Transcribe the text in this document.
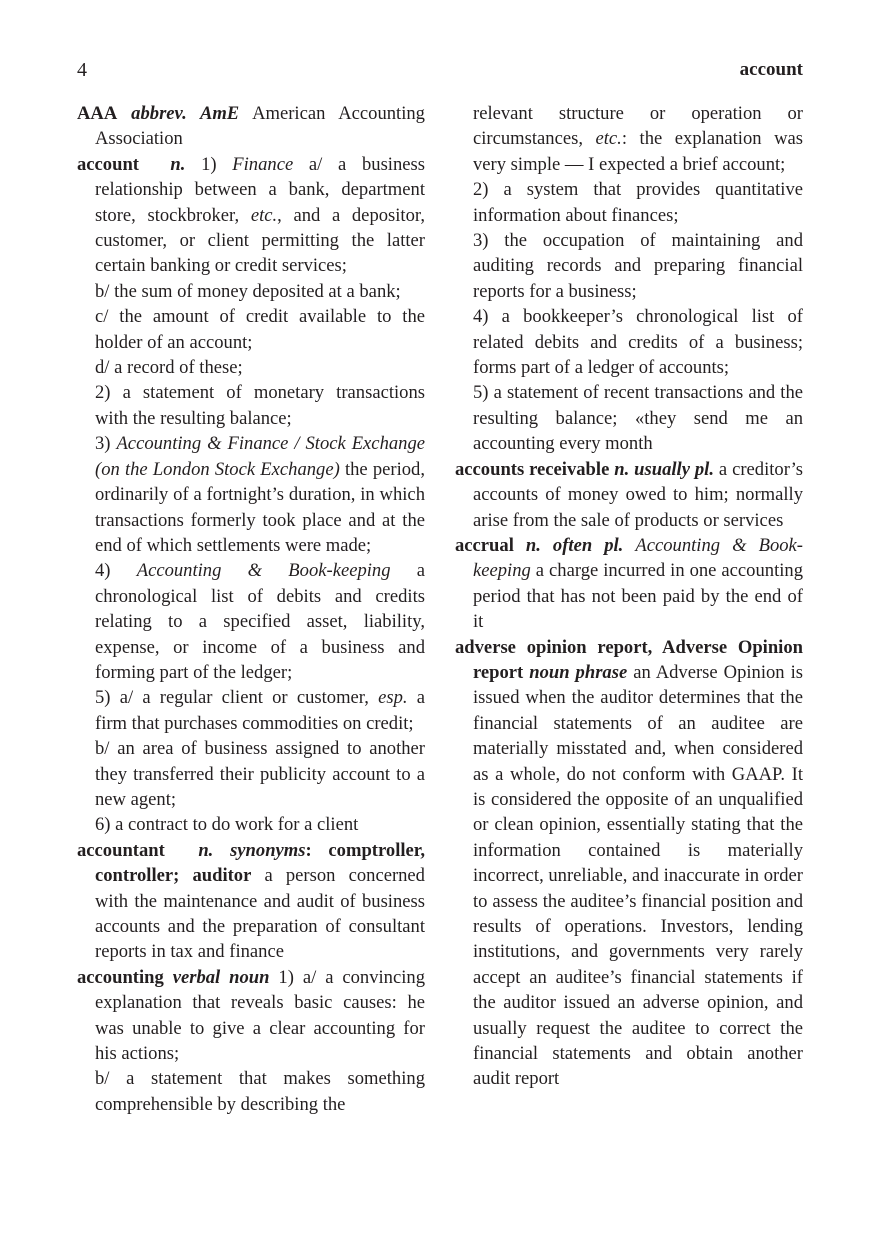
4	account

AAA abbrev. AmE American Accounting Association

account n. 1) Finance a/ a business relationship between a bank, department store, stockbroker, etc., and a depositor, customer, or client permitting the latter certain banking or credit services;

b/ the sum of money deposited at a bank;

c/ the amount of credit available to the holder of an account;

d/ a record of these;

2) a statement of monetary transactions with the resulting balance;

3) Accounting & Finance / Stock Exchange (on the London Stock Exchange) the period, ordinarily of a fortnight’s duration, in which transactions formerly took place and at the end of which settlements were made;

4) Accounting & Book-keeping a chronological list of debits and credits relating to a specified asset, liability, expense, or income of a business and forming part of the ledger;

5) a/ a regular client or customer, esp. a firm that purchases commodities on credit;

b/ an area of business assigned to another they transferred their publicity account to a new agent;

6) a contract to do work for a client

accountant n. synonyms: comptroller, controller; auditor a person concerned with the maintenance and audit of business accounts and the preparation of consultant reports in tax and finance

accounting verbal noun 1) a/ a convincing explanation that reveals basic causes: he was unable to give a clear accounting for his actions;

b/ a statement that makes something comprehensible by describing the

relevant structure or operation or circumstances, etc.: the explanation was very simple — I expected a brief account;

2) a system that provides quantitative information about finances;

3) the occupation of maintaining and auditing records and preparing financial reports for a business;

4) a bookkeeper’s chronological list of related debits and credits of a business; forms part of a ledger of accounts;

5) a statement of recent transactions and the resulting balance; «they send me an accounting every month

accounts receivable n. usually pl. a creditor’s accounts of money owed to him; normally arise from the sale of products or services

accrual n. often pl. Accounting & Book-keeping a charge incurred in one accounting period that has not been paid by the end of it

adverse opinion report, Adverse Opinion report noun phrase an Adverse Opinion is issued when the auditor determines that the financial statements of an auditee are materially misstated and, when considered as a whole, do not conform with GAAP. It is considered the opposite of an unqualified or clean opinion, essentially stating that the information contained is materially incorrect, unreliable, and inaccurate in order to assess the auditee’s financial position and results of operations. Investors, lending institutions, and governments very rarely accept an auditee’s financial statements if the auditor issued an adverse opinion, and usually request the auditee to correct the financial statements and obtain another audit report
